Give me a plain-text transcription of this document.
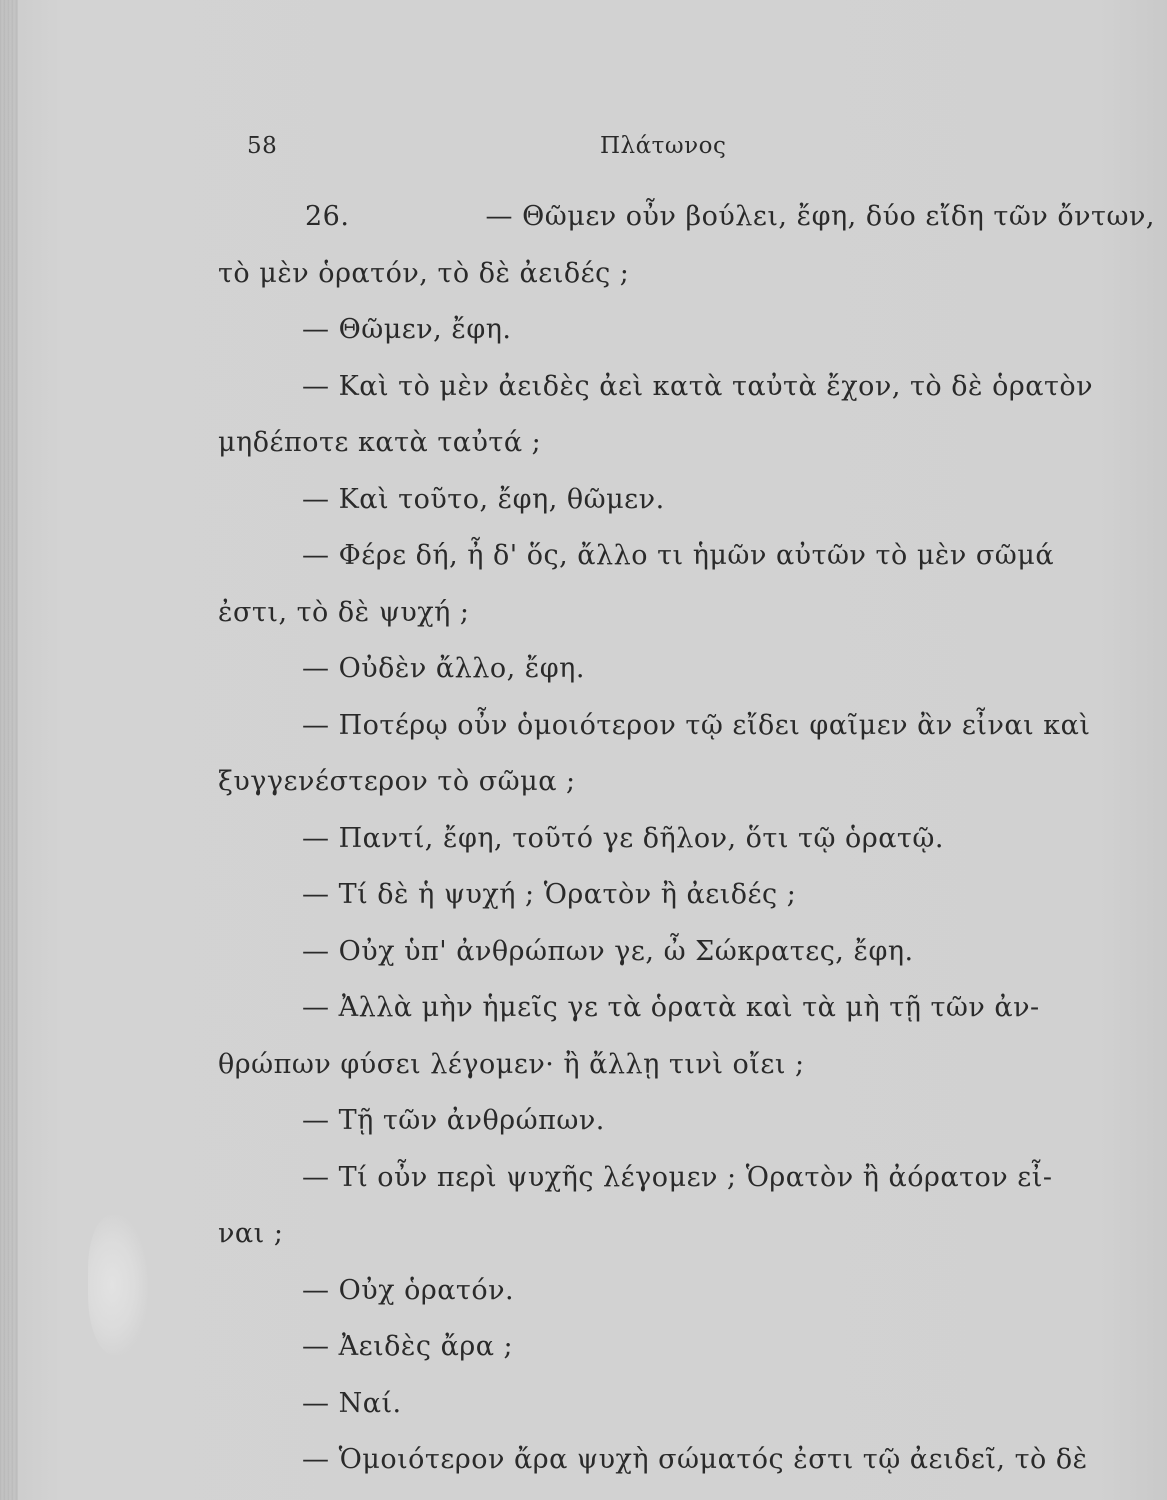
58	Πλάτωνος
26.	— Θῶμεν οὖν βούλει, ἔφη, δύο εἴδη τῶν ὄντων,
τὸ μὲν ὁρατόν, τὸ δὲ ἀειδές ;
— Θῶμεν, ἔφη.
— Καὶ τὸ μὲν ἀειδὲς ἀεὶ κατὰ ταὐτὰ ἔχον, τὸ δὲ ὁρατὸν
μηδέποτε κατὰ ταὐτά ;
— Καὶ τοῦτο, ἔφη, θῶμεν.
— Φέρε δή, ἦ δ' ὅς, ἄλλο τι ἡμῶν αὐτῶν τὸ μὲν σῶμά
ἐστι, τὸ δὲ ψυχή ;
— Οὐδὲν ἄλλο, ἔφη.
— Ποτέρῳ οὖν ὁμοιότερον τῷ εἴδει φαῖμεν ἂν εἶναι καὶ
ξυγγενέστερον τὸ σῶμα ;
— Παντί, ἔφη, τοῦτό γε δῆλον, ὅτι τῷ ὁρατῷ.
— Τί δὲ ἡ ψυχή ; Ὁρατὸν ἢ ἀειδές ;
— Οὐχ ὑπ' ἀνθρώπων γε, ὦ Σώκρατες, ἔφη.
— Ἀλλὰ μὴν ἡμεῖς γε τὰ ὁρατὰ καὶ τὰ μὴ τῇ τῶν ἀν-
θρώπων φύσει λέγομεν· ἢ ἄλλῃ τινὶ οἴει ;
— Τῇ τῶν ἀνθρώπων.
— Τί οὖν περὶ ψυχῆς λέγομεν ; Ὁρατὸν ἢ ἀόρατον εἶ-
ναι ;
— Οὐχ ὁρατόν.
— Ἀειδὲς ἄρα ;
— Ναί.
— Ὁμοιότερον ἄρα ψυχὴ σώματός ἐστι τῷ ἀειδεῖ, τὸ δὲ
